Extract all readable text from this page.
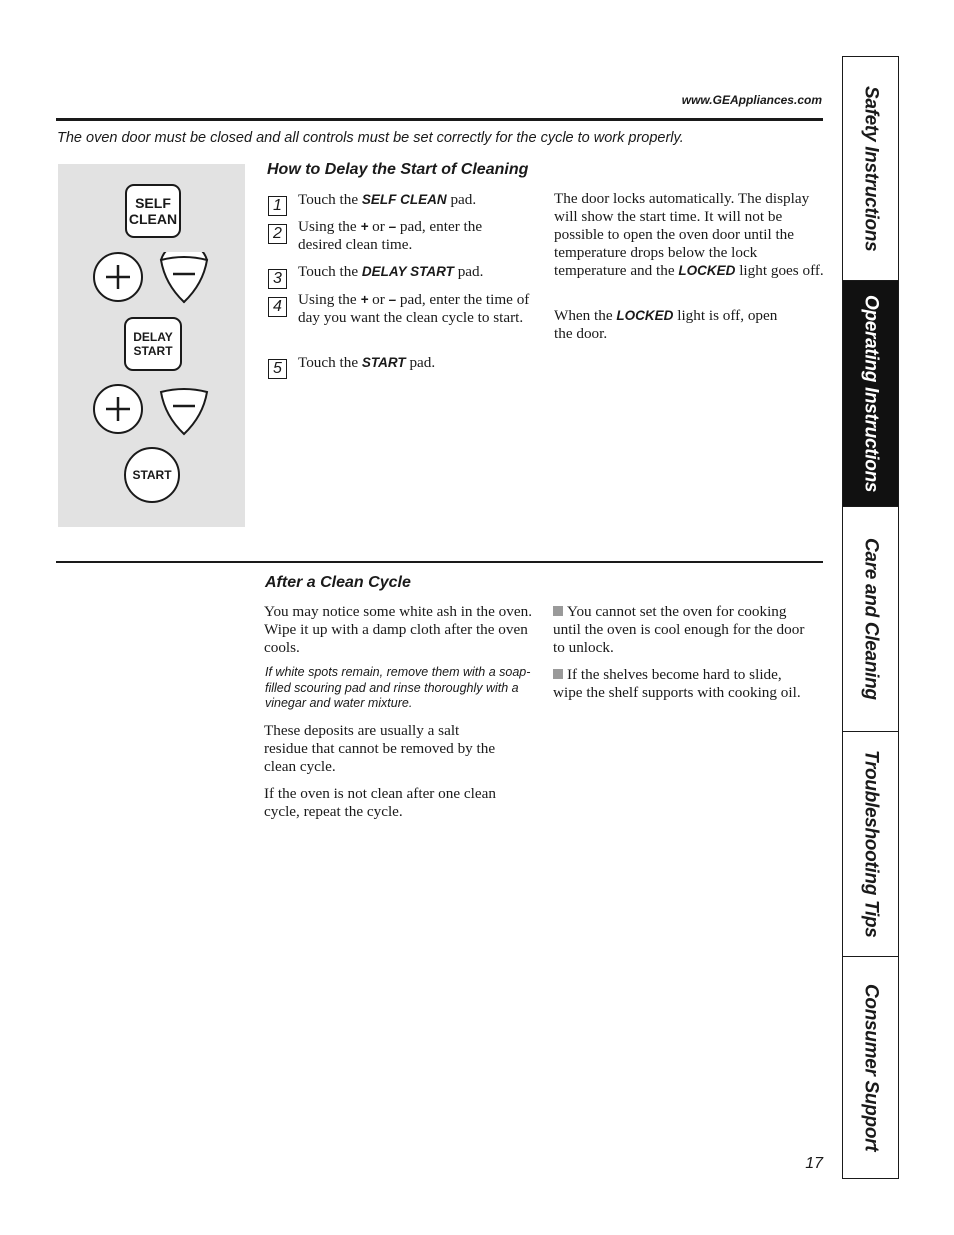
www.GEAppliances.com
The oven door must be closed and all controls must be set correctly for the cycle to work properly.
SELF
CLEAN
DELAY
START
START
How to Delay the Start of Cleaning
1	Touch the SELF CLEAN pad.
2	Using the + or – pad, enter the desired clean time.
3	Touch the DELAY START pad.
4	Using the + or – pad, enter the time of day you want the clean cycle to start.
5	Touch the START pad.
The door locks automatically. The display will show the start time. It will not be possible to open the oven door until the temperature drops below the lock temperature and the LOCKED light goes off.
When the LOCKED light is off, open the door.
After a Clean Cycle
You may notice some white ash in the oven. Wipe it up with a damp cloth after the oven cools.
If white spots remain, remove them with a soap-filled scouring pad and rinse thoroughly with a vinegar and water mixture.
These deposits are usually a salt residue that cannot be removed by the clean cycle.
If the oven is not clean after one clean cycle, repeat the cycle.
You cannot set the oven for cooking until the oven is cool enough for the door to unlock.
If the shelves become hard to slide, wipe the shelf supports with cooking oil.
Safety Instructions
Operating Instructions
Care and Cleaning
Troubleshooting Tips
Consumer Support
17
